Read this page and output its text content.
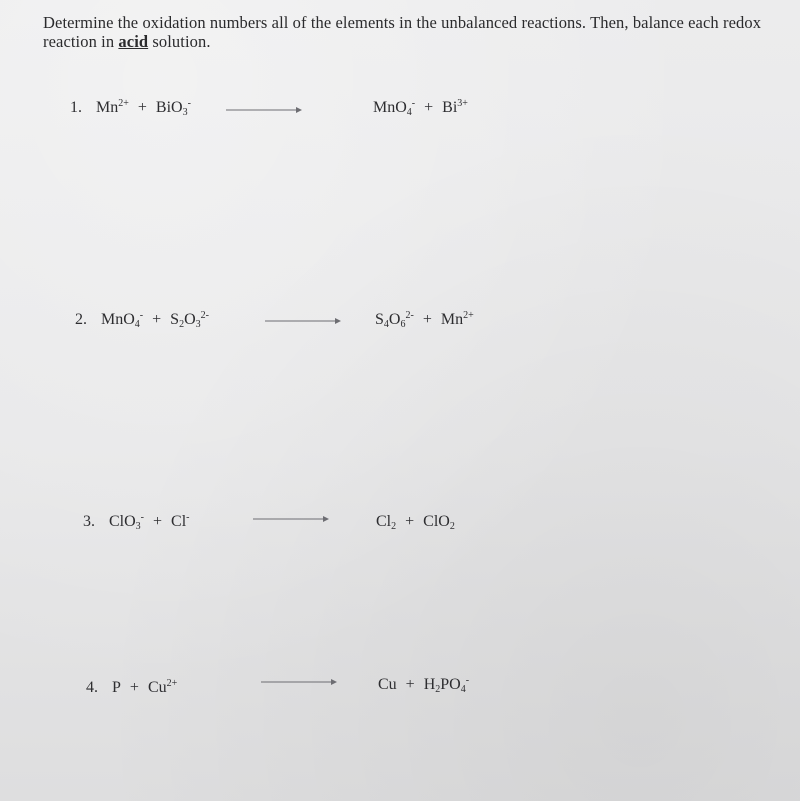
Determine the oxidation numbers all of the elements in the unbalanced reactions. Then, balance each redox reaction in acid solution.
1. $Mn^{2+} + BiO_3^-$	$MnO_4^- + Bi^{3+}$
2. $MnO_4^- + S_2O_3^{2-}$	$S_4O_6^{2-} + Mn^{2+}$
3. ClO$_3$- + Cl-	$Cl_2 + ClO_2$
4. $P + Cu^{2+}$	$Cu + H_2PO_4^-$
